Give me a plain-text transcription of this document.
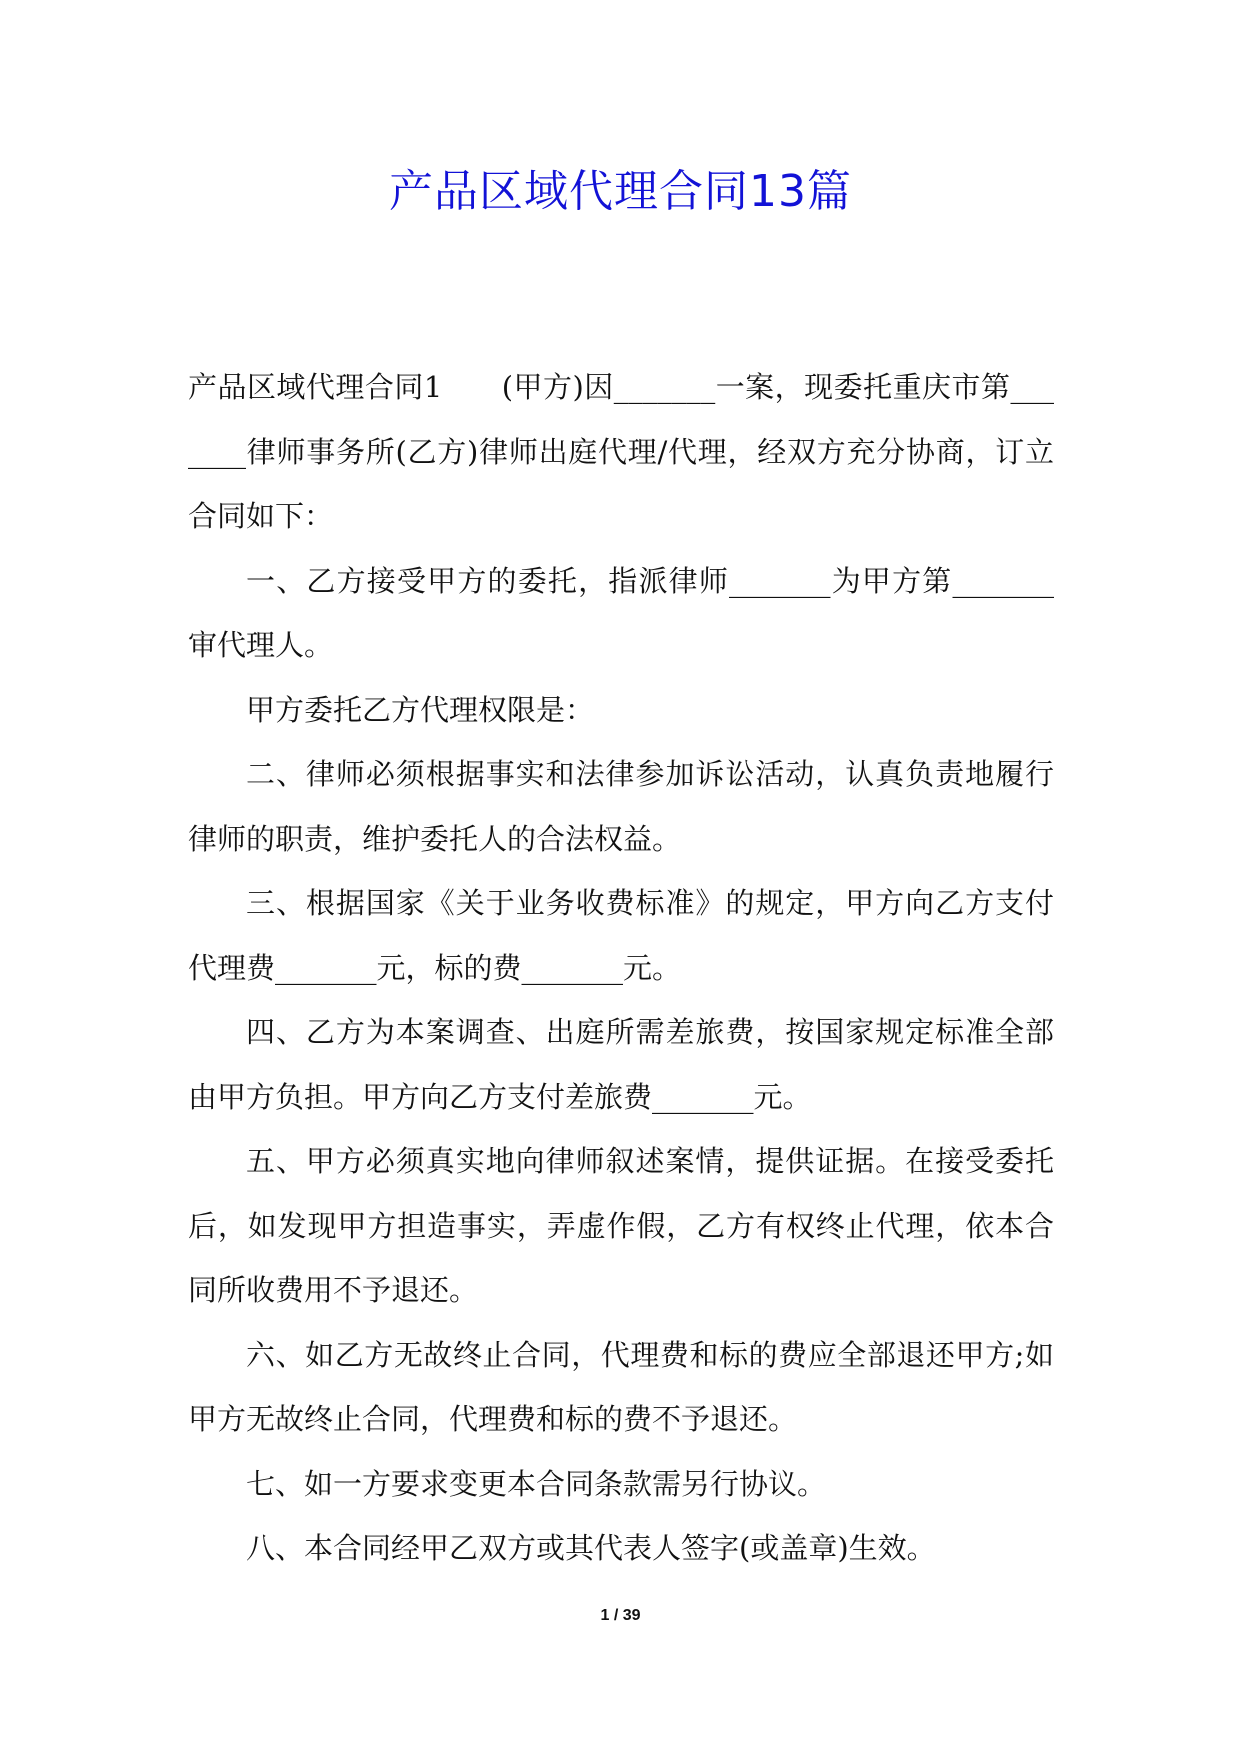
产品区域代理合同13篇

产品区域代理合同1　　(甲方)因_______一案，现委托重庆市第_______律师事务所(乙方)律师出庭代理/代理，经双方充分协商，订立合同如下：

一、乙方接受甲方的委托，指派律师_______为甲方第_______审代理人。

甲方委托乙方代理权限是：

二、律师必须根据事实和法律参加诉讼活动，认真负责地履行律师的职责，维护委托人的合法权益。

三、根据国家《关于业务收费标准》的规定，甲方向乙方支付代理费_______元，标的费_______元。

四、乙方为本案调查、出庭所需差旅费，按国家规定标准全部由甲方负担。甲方向乙方支付差旅费_______元。

五、甲方必须真实地向律师叙述案情，提供证据。在接受委托后，如发现甲方担造事实，弄虚作假，乙方有权终止代理，依本合同所收费用不予退还。

六、如乙方无故终止合同，代理费和标的费应全部退还甲方;如甲方无故终止合同，代理费和标的费不予退还。

七、如一方要求变更本合同条款需另行协议。

八、本合同经甲乙双方或其代表人签字(或盖章)生效。

1 / 39
